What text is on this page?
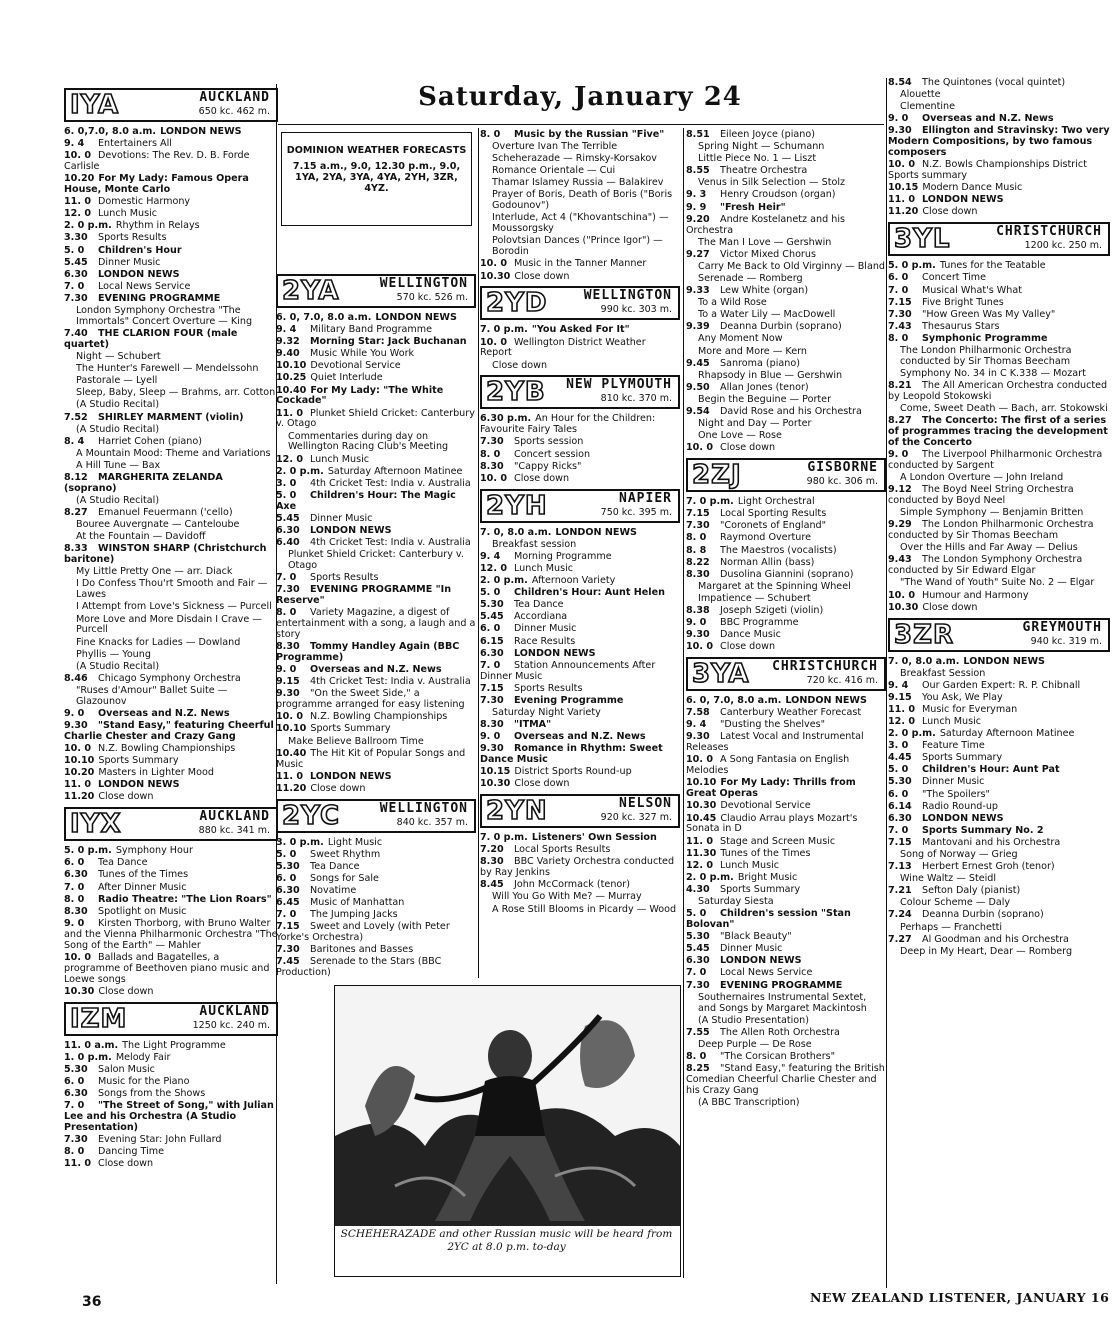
Saturday, January 24
DOMINION WEATHER FORECASTS
7.15 a.m., 9.0, 12.30 p.m., 9.0, 1YA, 2YA, 3YA, 4YA, 2YH, 3ZR, 4YZ.
IYA	AUCKLAND
650 kc. 462 m.
6. 0,7.0, 8.0 a.m. LONDON NEWS
9. 4 Entertainers All
10. 0 Devotions: The Rev. D. B. Forde Carlisle
10.20 For My Lady: Famous Opera House, Monte Carlo
11. 0 Domestic Harmony
12. 0 Lunch Music
2. 0 p.m. Rhythm in Relays
3.30 Sports Results
5. 0 Children's Hour
5.45 Dinner Music
6.30 LONDON NEWS
7. 0 Local News Service
7.30 EVENING PROGRAMME
London Symphony Orchestra "The Immortals" Concert Overture — King
7.40 THE CLARION FOUR (male quartet)
Night — Schubert
The Hunter's Farewell — Mendelssohn
Pastorale — Lyell
Sleep, Baby, Sleep — Brahms, arr. Cotton
(A Studio Recital)
7.52 SHIRLEY MARMENT (violin)
(A Studio Recital)
8. 4 Harriet Cohen (piano)
A Mountain Mood: Theme and Variations
A Hill Tune — Bax
8.12 MARGHERITA ZELANDA (soprano)
(A Studio Recital)
8.27 Emanuel Feuermann ('cello)
Bouree Auvergnate — Canteloube
At the Fountain — Davidoff
8.33 WINSTON SHARP (Christchurch baritone)
My Little Pretty One — arr. Diack
I Do Confess Thou'rt Smooth and Fair — Lawes
I Attempt from Love's Sickness — Purcell
More Love and More Disdain I Crave — Purcell
Fine Knacks for Ladies — Dowland
Phyllis — Young
(A Studio Recital)
8.46 Chicago Symphony Orchestra
"Ruses d'Amour" Ballet Suite — Glazounov
9. 0 Overseas and N.Z. News
9.30 "Stand Easy," featuring Cheerful Charlie Chester and Crazy Gang
10. 0 N.Z. Bowling Championships
10.10 Sports Summary
10.20 Masters in Lighter Mood
11. 0 LONDON NEWS
11.20 Close down
IYX	AUCKLAND
880 kc. 341 m.
5. 0 p.m. Symphony Hour
6. 0 Tea Dance
6.30 Tunes of the Times
7. 0 After Dinner Music
8. 0 Radio Theatre: "The Lion Roars"
8.30 Spotlight on Music
9. 0 Kirsten Thorborg, with Bruno Walter and the Vienna Philharmonic Orchestra "The Song of the Earth" — Mahler
10. 0 Ballads and Bagatelles, a programme of Beethoven piano music and Loewe songs
10.30 Close down
IZM	AUCKLAND
1250 kc. 240 m.
11. 0 a.m. The Light Programme
1. 0 p.m. Melody Fair
5.30 Salon Music
6. 0 Music for the Piano
6.30 Songs from the Shows
7. 0 "The Street of Song," with Julian Lee and his Orchestra (A Studio Presentation)
7.30 Evening Star: John Fullard
8. 0 Dancing Time
11. 0 Close down
2YA	WELLINGTON
570 kc. 526 m.
6. 0, 7.0, 8.0 a.m. LONDON NEWS
9. 4 Military Band Programme
9.32 Morning Star: Jack Buchanan
9.40 Music While You Work
10.10 Devotional Service
10.25 Quiet Interlude
10.40 For My Lady: "The White Cockade"
11. 0 Plunket Shield Cricket: Canterbury v. Otago
Commentaries during day on Wellington Racing Club's Meeting
12. 0 Lunch Music
2. 0 p.m. Saturday Afternoon Matinee
3. 0 4th Cricket Test: India v. Australia
5. 0 Children's Hour: The Magic Axe
5.45 Dinner Music
6.30 LONDON NEWS
6.40 4th Cricket Test: India v. Australia
Plunket Shield Cricket: Canterbury v. Otago
7. 0 Sports Results
7.30 EVENING PROGRAMME "In Reserve"
8. 0 Variety Magazine, a digest of entertainment with a song, a laugh and a story
8.30 Tommy Handley Again (BBC Programme)
9. 0 Overseas and N.Z. News
9.15 4th Cricket Test: India v. Australia
9.30 "On the Sweet Side," a programme arranged for easy listening
10. 0 N.Z. Bowling Championships
10.10 Sports Summary
Make Believe Ballroom Time
10.40 The Hit Kit of Popular Songs and Music
11. 0 LONDON NEWS
11.20 Close down
2YC	WELLINGTON
840 kc. 357 m.
3. 0 p.m. Light Music
5. 0 Sweet Rhythm
5.30 Tea Dance
6. 0 Songs for Sale
6.30 Novatime
6.45 Music of Manhattan
7. 0 The Jumping Jacks
7.15 Sweet and Lovely (with Peter Yorke's Orchestra)
7.30 Baritones and Basses
7.45 Serenade to the Stars (BBC Production)
8. 0 Music by the Russian "Five"
Overture Ivan The Terrible
Scheherazade — Rimsky-Korsakov
Romance Orientale — Cui
Thamar Islamey Russia — Balakirev
Prayer of Boris, Death of Boris ("Boris Godounov")
Interlude, Act 4 ("Khovantschina") — Moussorgsky
Polovtsian Dances ("Prince Igor") — Borodin
10. 0 Music in the Tanner Manner
10.30 Close down
2YD	WELLINGTON
990 kc. 303 m.
7. 0 p.m. "You Asked For It"
10. 0 Wellington District Weather Report
Close down
2YB NEW PLYMOUTH
810 kc. 370 m.
6.30 p.m. An Hour for the Children: Favourite Fairy Tales
7.30 Sports session
8. 0 Concert session
8.30 "Cappy Ricks"
10. 0 Close down
2YH	NAPIER
750 kc. 395 m.
7. 0, 8.0 a.m. LONDON NEWS
Breakfast session
9. 4 Morning Programme
12. 0 Lunch Music
2. 0 p.m. Afternoon Variety
5. 0 Children's Hour: Aunt Helen
5.30 Tea Dance
5.45 Accordiana
6. 0 Dinner Music
6.15 Race Results
6.30 LONDON NEWS
7. 0 Station Announcements After Dinner Music
7.15 Sports Results
7.30 Evening Programme
Saturday Night Variety
8.30 "ITMA"
9. 0 Overseas and N.Z. News
9.30 Romance in Rhythm: Sweet Dance Music
10.15 District Sports Round-up
10.30 Close down
2YN	NELSON
920 kc. 327 m.
7. 0 p.m. Listeners' Own Session
7.20 Local Sports Results
8.30 BBC Variety Orchestra conducted by Ray Jenkins
8.45 John McCormack (tenor)
Will You Go With Me? — Murray
A Rose Still Blooms in Picardy — Wood
8.51 Eileen Joyce (piano)
Spring Night — Schumann
Little Piece No. 1 — Liszt
8.55 Theatre Orchestra
Venus in Silk Selection — Stolz
9. 3 Henry Croudson (organ)
9. 9 "Fresh Heir"
9.20 Andre Kostelanetz and his Orchestra
The Man I Love — Gershwin
9.27 Victor Mixed Chorus
Carry Me Back to Old Virginny — Bland
Serenade — Romberg
9.33 Lew White (organ)
To a Wild Rose
To a Water Lily — MacDowell
9.39 Deanna Durbin (soprano)
Any Moment Now
More and More — Kern
9.45 Sanroma (piano)
Rhapsody in Blue — Gershwin
9.50 Allan Jones (tenor)
Begin the Beguine — Porter
9.54 David Rose and his Orchestra
Night and Day — Porter
One Love — Rose
10. 0 Close down
2ZJ	GISBORNE
980 kc. 306 m.
7. 0 p.m. Light Orchestral
7.15 Local Sporting Results
7.30 "Coronets of England"
8. 0 Raymond Overture
8. 8 The Maestros (vocalists)
8.22 Norman Allin (bass)
8.30 Dusolina Giannini (soprano)
Margaret at the Spinning Wheel
Impatience — Schubert
8.38 Joseph Szigeti (violin)
9. 0 BBC Programme
9.30 Dance Music
10. 0 Close down
3YA CHRISTCHURCH
720 kc. 416 m.
6. 0, 7.0, 8.0 a.m. LONDON NEWS
7.58 Canterbury Weather Forecast
9. 4 "Dusting the Shelves"
9.30 Latest Vocal and Instrumental Releases
10. 0 A Song Fantasia on English Melodies
10.10 For My Lady: Thrills from Great Operas
10.30 Devotional Service
10.45 Claudio Arrau plays Mozart's Sonata in D
11. 0 Stage and Screen Music
11.30 Tunes of the Times
12. 0 Lunch Music
2. 0 p.m. Bright Music
4.30 Sports Summary
Saturday Siesta
5. 0 Children's session "Stan Bolovan"
5.30 "Black Beauty"
5.45 Dinner Music
6.30 LONDON NEWS
7. 0 Local News Service
7.30 EVENING PROGRAMME
Southernaires Instrumental Sextet, and Songs by Margaret Mackintosh
(A Studio Presentation)
7.55 The Allen Roth Orchestra
Deep Purple — De Rose
8. 0 "The Corsican Brothers"
8.25 "Stand Easy," featuring the British Comedian Cheerful Charlie Chester and his Crazy Gang
(A BBC Transcription)
8.54 The Quintones (vocal quintet)
Alouette
Clementine
9. 0 Overseas and N.Z. News
9.30 Ellington and Stravinsky: Two very Modern Compositions, by two famous composers
10. 0 N.Z. Bowls Championships District Sports summary
10.15 Modern Dance Music
11. 0 LONDON NEWS
11.20 Close down
3YL	CHRISTCHURCH
1200 kc. 250 m.
5. 0 p.m. Tunes for the Teatable
6. 0 Concert Time
7. 0 Musical What's What
7.15 Five Bright Tunes
7.30 "How Green Was My Valley"
7.43 Thesaurus Stars
8. 0 Symphonic Programme
The London Philharmonic Orchestra conducted by Sir Thomas Beecham
Symphony No. 34 in C K.338 — Mozart
8.21 The All American Orchestra conducted by Leopold Stokowski
Come, Sweet Death — Bach, arr. Stokowski
8.27 The Concerto: The first of a series of programmes tracing the development of the Concerto
9. 0 The Liverpool Philharmonic Orchestra conducted by Sargent
A London Overture — John Ireland
9.12 The Boyd Neel String Orchestra conducted by Boyd Neel
Simple Symphony — Benjamin Britten
9.29 The London Philharmonic Orchestra conducted by Sir Thomas Beecham
Over the Hills and Far Away — Delius
9.43 The London Symphony Orchestra conducted by Sir Edward Elgar
"The Wand of Youth" Suite No. 2 — Elgar
10. 0 Humour and Harmony
10.30 Close down
3ZR	GREYMOUTH
940 kc. 319 m.
7. 0, 8.0 a.m. LONDON NEWS
Breakfast Session
9. 4 Our Garden Expert: R. P. Chibnall
9.15 You Ask, We Play
11. 0 Music for Everyman
12. 0 Lunch Music
2. 0 p.m. Saturday Afternoon Matinee
3. 0 Feature Time
4.45 Sports Summary
5. 0 Children's Hour: Aunt Pat
5.30 Dinner Music
6. 0 "The Spoilers"
6.14 Radio Round-up
6.30 LONDON NEWS
7. 0 Sports Summary No. 2
7.15 Mantovani and his Orchestra
Song of Norway — Grieg
7.13 Herbert Ernest Groh (tenor)
Wine Waltz — Steidl
7.21 Sefton Daly (pianist)
Colour Scheme — Daly
7.24 Deanna Durbin (soprano)
Perhaps — Franchetti
7.27 Al Goodman and his Orchestra
Deep in My Heart, Dear — Romberg
SCHEHERAZADE and other Russian music will be heard from 2YC at 8.0 p.m. to-day
36	NEW ZEALAND LISTENER, JANUARY 16
